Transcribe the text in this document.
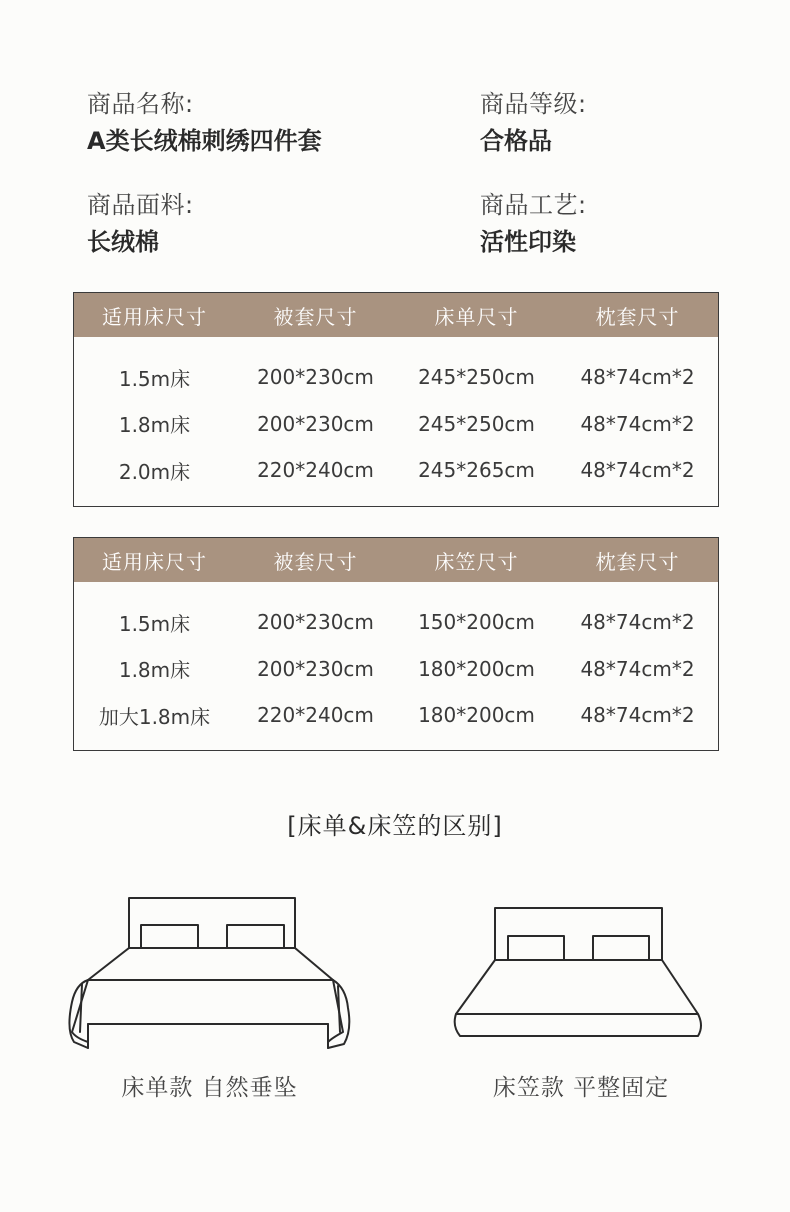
商品名称:
A类长绒棉刺绣四件套
商品等级:
合格品
商品面料:
长绒棉
商品工艺:
活性印染
适用床尺寸	被套尺寸	床单尺寸	枕套尺寸
1.5m床	200*230cm	245*250cm	48*74cm*2
1.8m床	200*230cm	245*250cm	48*74cm*2
2.0m床	220*240cm	245*265cm	48*74cm*2
适用床尺寸	被套尺寸	床笠尺寸	枕套尺寸
1.5m床	200*230cm	150*200cm	48*74cm*2
1.8m床	200*230cm	180*200cm	48*74cm*2
加大1.8m床	220*240cm	180*200cm	48*74cm*2
[床单&床笠的区别]
床单款 自然垂坠	床笠款 平整固定
